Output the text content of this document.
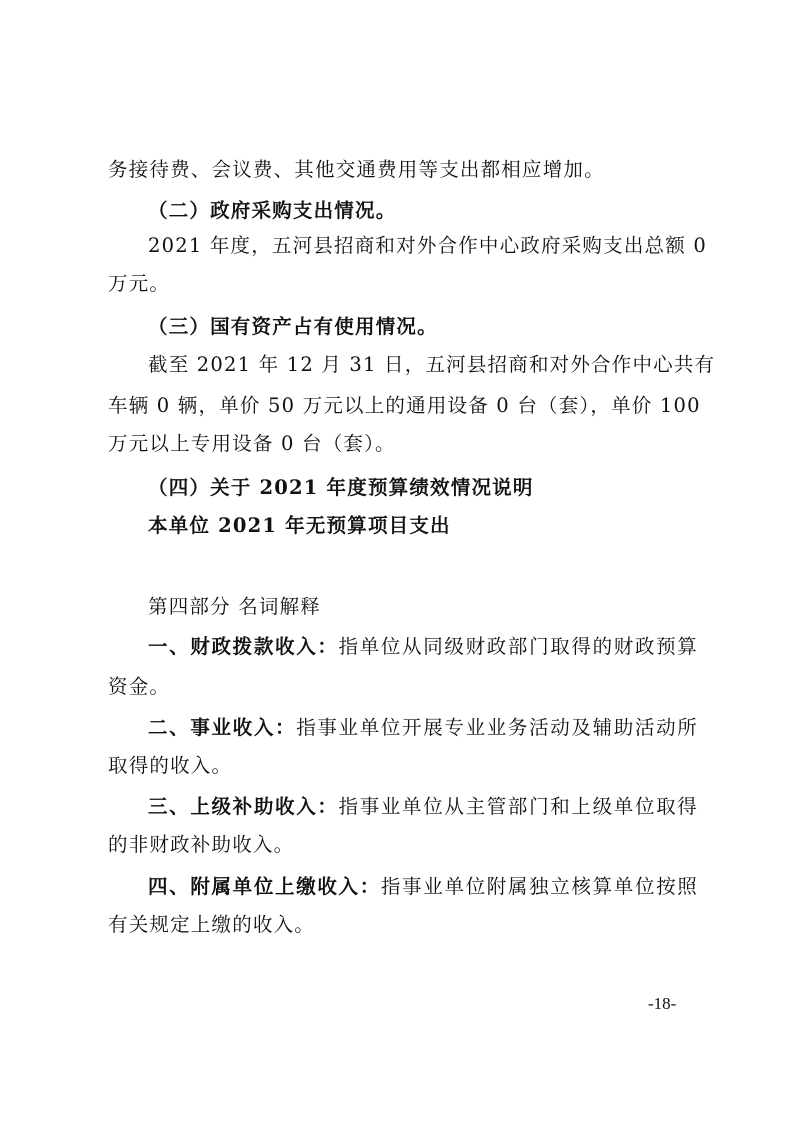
务接待费、会议费、其他交通费用等支出都相应增加。
（二）政府采购支出情况。
2021 年度，五河县招商和对外合作中心政府采购支出总额 0
万元。
（三）国有资产占有使用情况。
截至 2021 年 12 月 31 日，五河县招商和对外合作中心共有
车辆 0 辆，单价 50 万元以上的通用设备 0 台（套），单价 100
万元以上专用设备 0 台（套）。
（四）关于 2021 年度预算绩效情况说明
本单位 2021 年无预算项目支出
第四部分 名词解释
一、财政拨款收入：指单位从同级财政部门取得的财政预算
资金。
二、事业收入：指事业单位开展专业业务活动及辅助活动所
取得的收入。
三、上级补助收入：指事业单位从主管部门和上级单位取得
的非财政补助收入。
四、附属单位上缴收入：指事业单位附属独立核算单位按照
有关规定上缴的收入。
-18-
